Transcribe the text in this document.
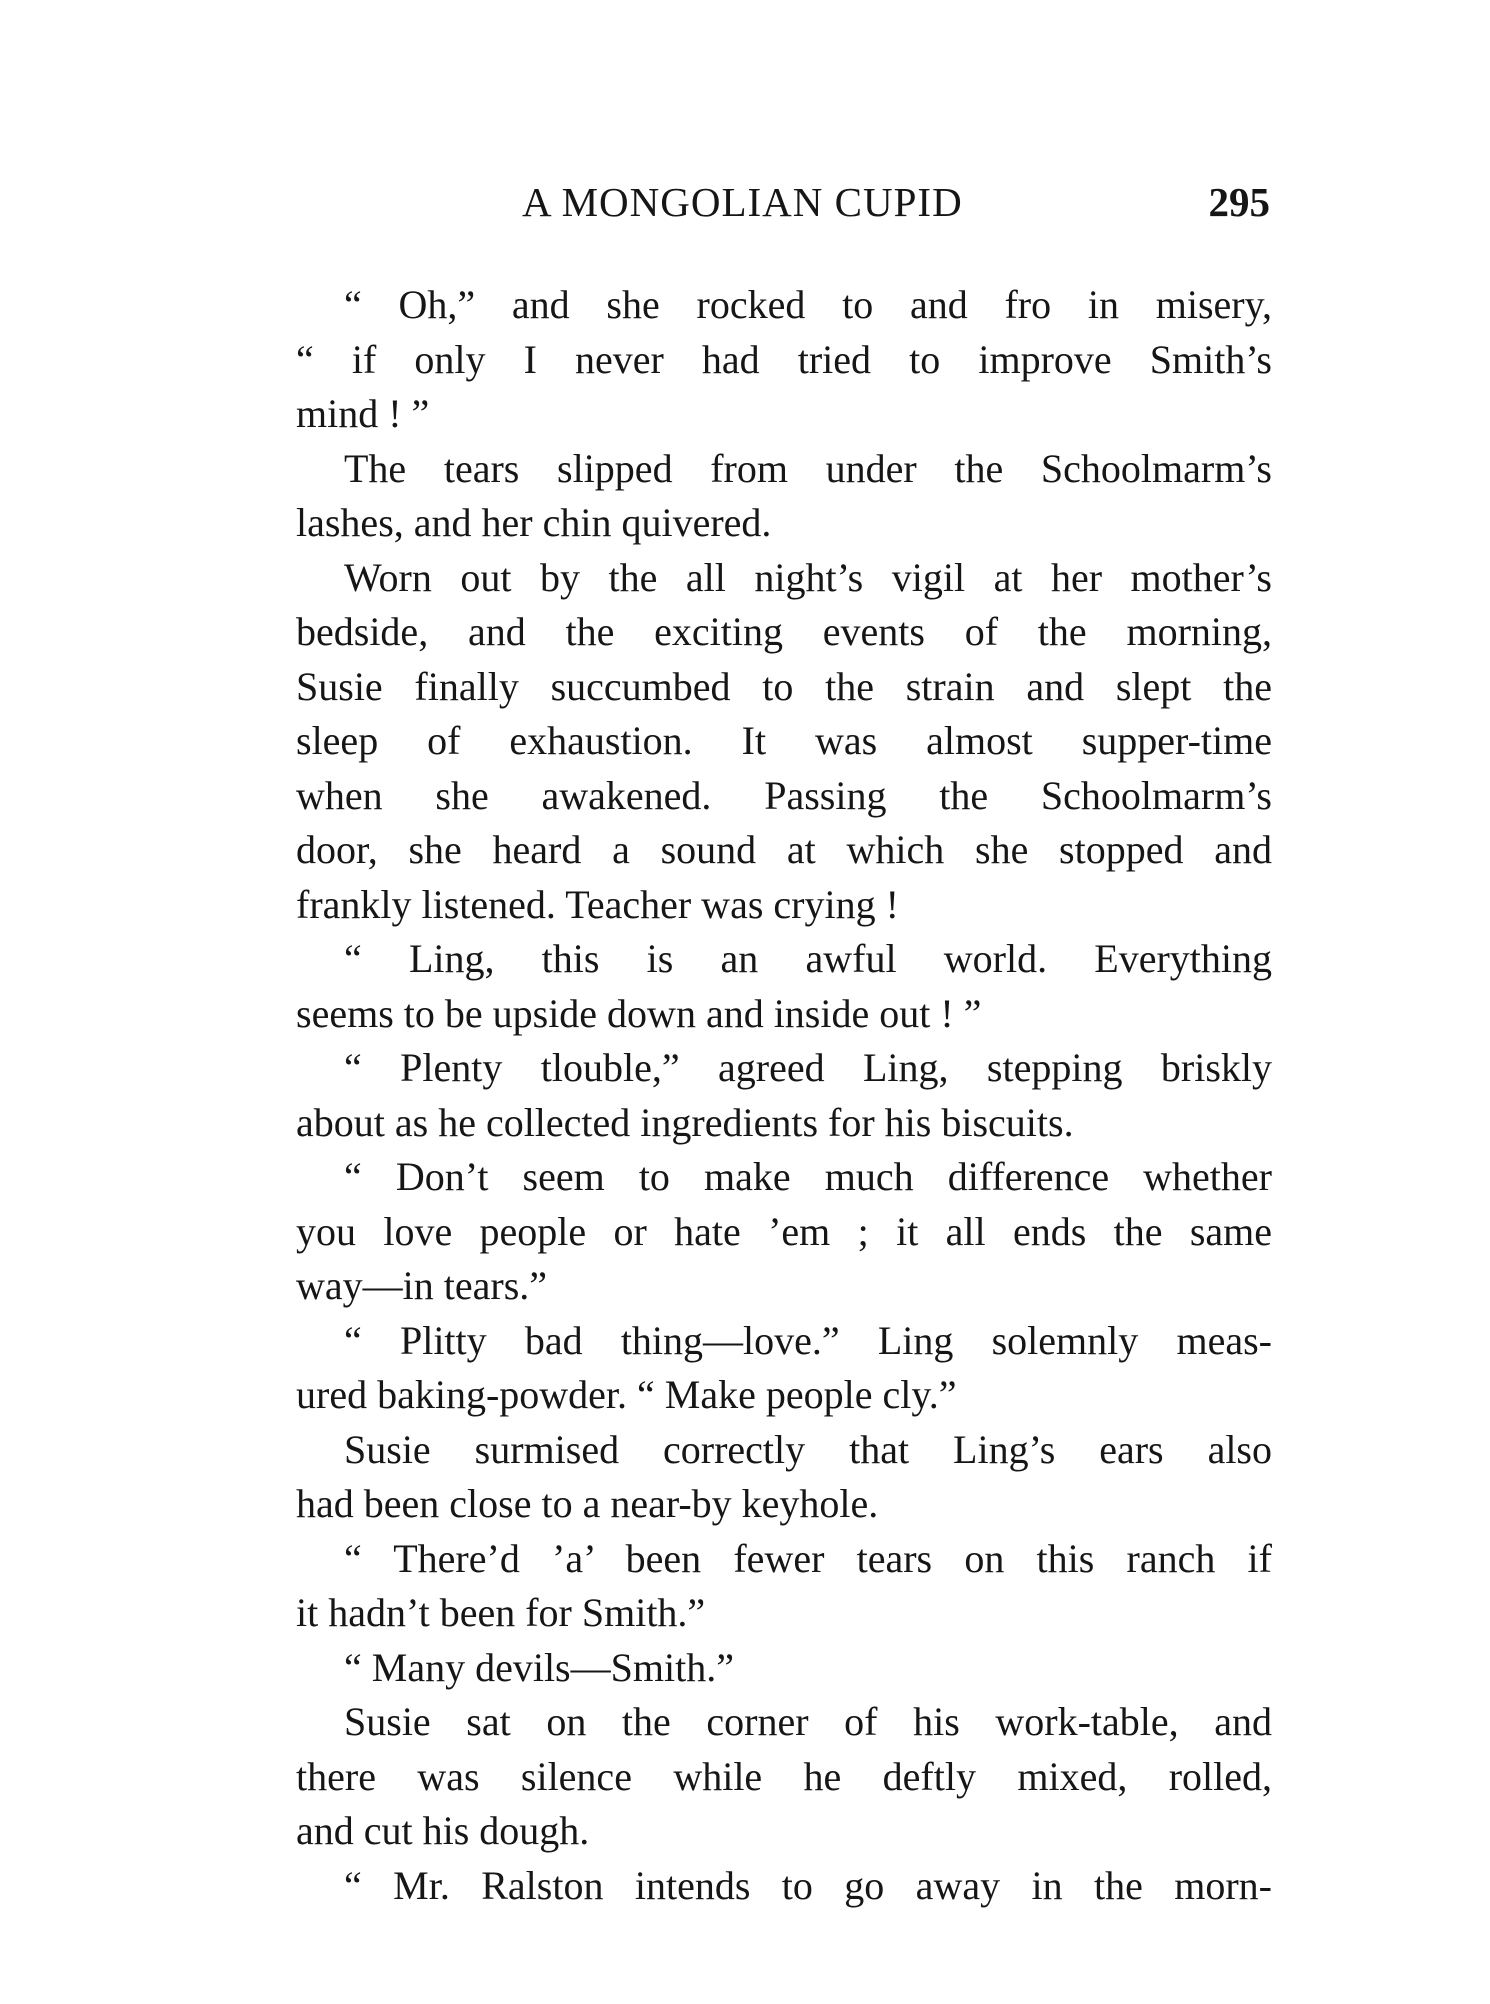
A MONGOLIAN CUPID	295
“ Oh,” and she rocked to and fro in misery,
“ if only I never had tried to improve Smith’s
mind ! ”
The tears slipped from under the Schoolmarm’s
lashes, and her chin quivered.
Worn out by the all night’s vigil at her mother’s
bedside, and the exciting events of the morning,
Susie finally succumbed to the strain and slept the
sleep of exhaustion. It was almost supper-time
when she awakened. Passing the Schoolmarm’s
door, she heard a sound at which she stopped and
frankly listened. Teacher was crying !
“ Ling, this is an awful world. Everything
seems to be upside down and inside out ! ”
“ Plenty tlouble,” agreed Ling, stepping briskly
about as he collected ingredients for his biscuits.
“ Don’t seem to make much difference whether
you love people or hate ’em ; it all ends the same
way—in tears.”
“ Plitty bad thing—love.” Ling solemnly meas-
ured baking-powder. “ Make people cly.”
Susie surmised correctly that Ling’s ears also
had been close to a near-by keyhole.
“ There’d ’a’ been fewer tears on this ranch if
it hadn’t been for Smith.”
“ Many devils—Smith.”
Susie sat on the corner of his work-table, and
there was silence while he deftly mixed, rolled,
and cut his dough.
“ Mr. Ralston intends to go away in the morn-
